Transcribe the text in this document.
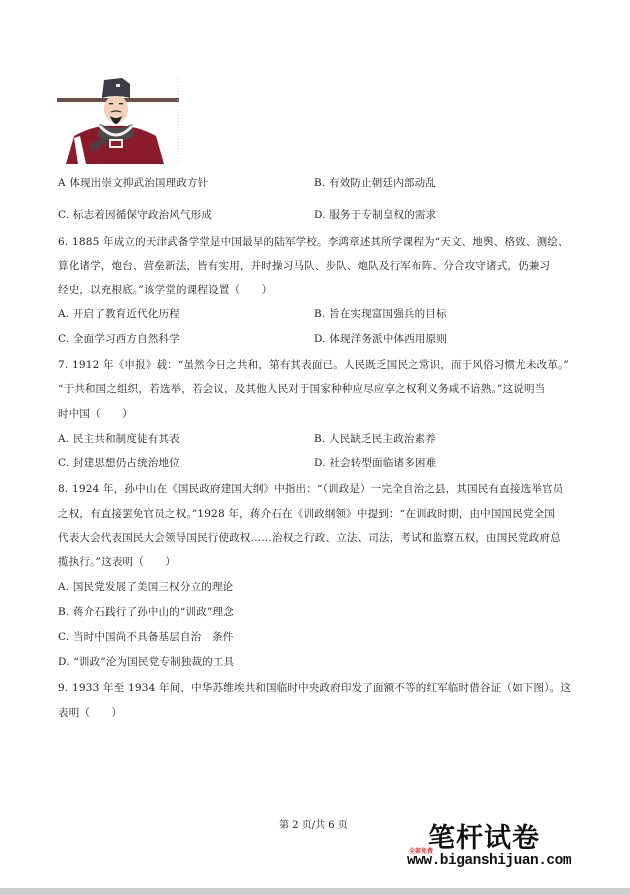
A 体现出崇文抑武治国理政方针	B. 有效防止朝廷内部动乱
C. 标志着因循保守政治风气形成	D. 服务于专制皇权的需求
6. 1885 年成立的天津武备学堂是中国最早的陆军学校。李鸿章述其所学课程为“天文、地舆、格致、测绘、
算化诸学，炮台、营垒新法，皆有实用，并时操习马队、步队、炮队及行军布阵、分合攻守诸式，仍兼习
经史，以充根底。”该学堂的课程设置（　　）
A. 开启了教育近代化历程	B. 旨在实现富国强兵的目标
C. 全面学习西方自然科学	D. 体现洋务派中体西用原则
7. 1912 年《申报》载：“虽然今日之共和，第有其表面已。人民既乏国民之常识，而于风俗习惯尤未改革。”
“于共和国之组织，若选举，若会议，及其他人民对于国家种种应尽应享之权利义务咸不谙熟。”这说明当
时中国（　　）
A. 民主共和制度徒有其表	B. 人民缺乏民主政治素养
C. 封建思想仍占统治地位	D. 社会转型面临诸多困难
8. 1924 年，孙中山在《国民政府建国大纲》中指出：“（训政是）一完全自治之县，其国民有直接选举官员
之权，有直接罢免官员之权。”1928 年，蒋介石在《训政纲领》中提到：“在训政时期，由中国国民党全国
代表大会代表国民大会领导国民行使政权……治权之行政、立法、司法，考试和监察五权，由国民党政府总
揽执行。”这表明（　　）
A. 国民党发展了美国三权分立的理论
B. 蒋介石践行了孙中山的“训政”理念
C. 当时中国尚不具备基层自治　条件
D. “训政”沦为国民党专制独裁的工具
9. 1933 年至 1934 年间，中华苏维埃共和国临时中央政府印发了面额不等的红军临时借谷证（如下图）。这
表明（　　）
第 2 页/共 6 页	笔杆试卷
全部免费
www.biganshijuan.com
